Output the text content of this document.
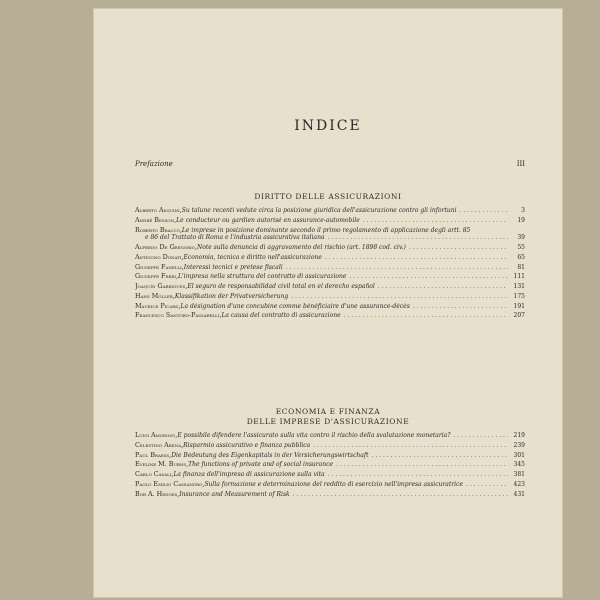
INDICE
Prefazione	III
DIRITTO DELLE ASSICURAZIONI
Alberto Asquini, Su talune recenti vedute circa la posizione giuridica dell'assicurazione contro gli infortuni . . .	3
André Besson, Le conducteur ou gardien autorisé en assurance-automobile . . .	19
Roberto Bracco, Le imprese in posizione dominante secondo il primo regolamento di applicazione degli artt. 85
e 86 del Trattato di Roma e l'industria assicurativa italiana . . .	39
Alfredo De Gregorio, Note sulla denuncia di aggravamento del rischio (art. 1898 cod. civ.) . . .	55
Antigono Donati, Economia, tecnica e diritto nell'assicurazione . . .	65
Giuseppe Fanelli, Interessi tecnici e pretese fiscali . . .	81
Giuseppe Ferri, L'impresa nella struttura del contratto di assicurazione . . .	111
Joaquín Garrigues, El seguro de responsabilidad civil total en el derecho español . . .	131
Hans Möller, Klassifikation der Privatversicherung . . .	175
Maurice Picard, La désignation d'une concubine comme bénéficiaire d'une assurance-décès . . .	191
Francesco Santoro-Passarelli, La causa del contratto di assicurazione . . .	207
ECONOMIA E FINANZA
DELLE IMPRESE D'ASSICURAZIONE
Luigi Amoroso, È possibile difendere l'assicurato sulla vita contro il rischio della svalutazione monetaria? . . .	219
Celestino Arena, Risparmio assicurativo e finanza pubblica . . .	239
Paul Braess, Die Bedeutung des Eigenkapitals in der Versicherungswirtschaft . . .	301
Eveline M. Burns, The functions of private and of social insurance . . .	345
Carlo Casali, La finanza dell'impresa di assicurazione sulla vita . . .	381
Paolo Emilio Cassandro, Sulla formazione e determinazione del reddito di esercizio nell'impresa assicuratrice . . .	423
Bob A. Hedges, Insurance and Measurement of Risk . . .	431
